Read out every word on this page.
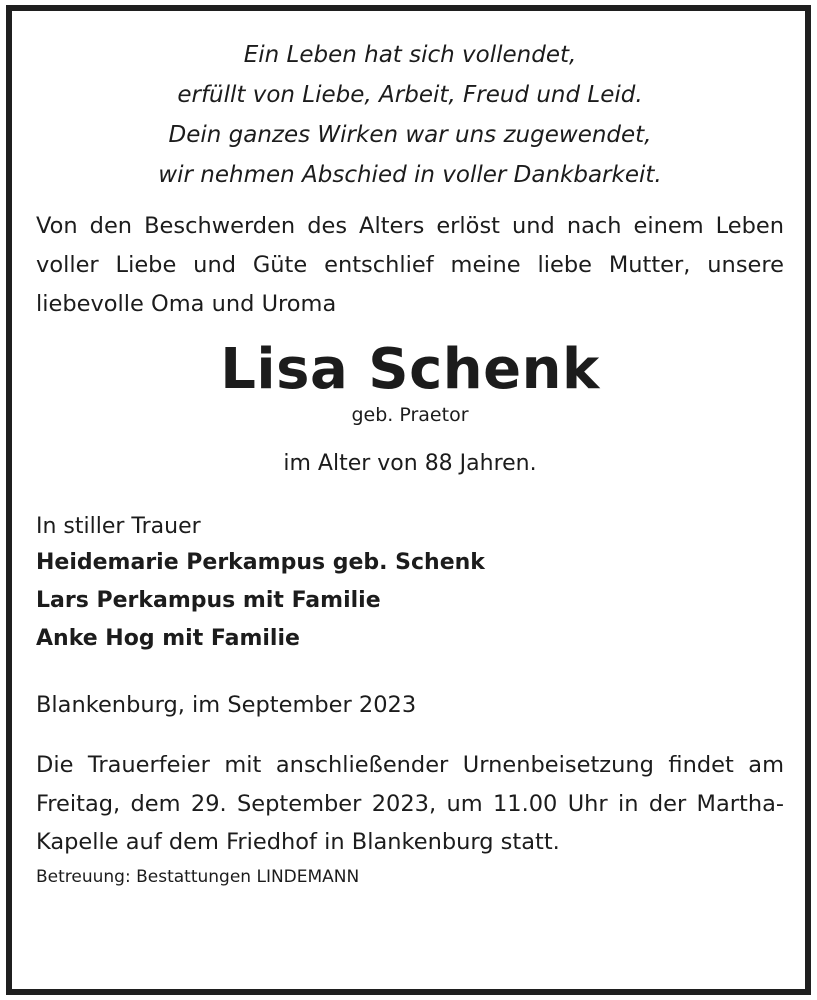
Ein Leben hat sich vollendet,
erfüllt von Liebe, Arbeit, Freud und Leid.
Dein ganzes Wirken war uns zugewendet,
wir nehmen Abschied in voller Dankbarkeit.

Von den Beschwerden des Alters erlöst und nach einem Leben voller Liebe und Güte entschlief meine liebe Mutter, unsere liebevolle Oma und Uroma
Lisa Schenk
geb. Praetor
im Alter von 88 Jahren.
In stiller Trauer
Heidemarie Perkampus geb. Schenk
Lars Perkampus mit Familie
Anke Hog mit Familie
Blankenburg, im September 2023
Die Trauerfeier mit anschließender Urnenbeisetzung findet am Freitag, dem 29. September 2023, um 11.00 Uhr in der Martha-Kapelle auf dem Friedhof in Blankenburg statt.
Betreuung: Bestattungen LINDEMANN
